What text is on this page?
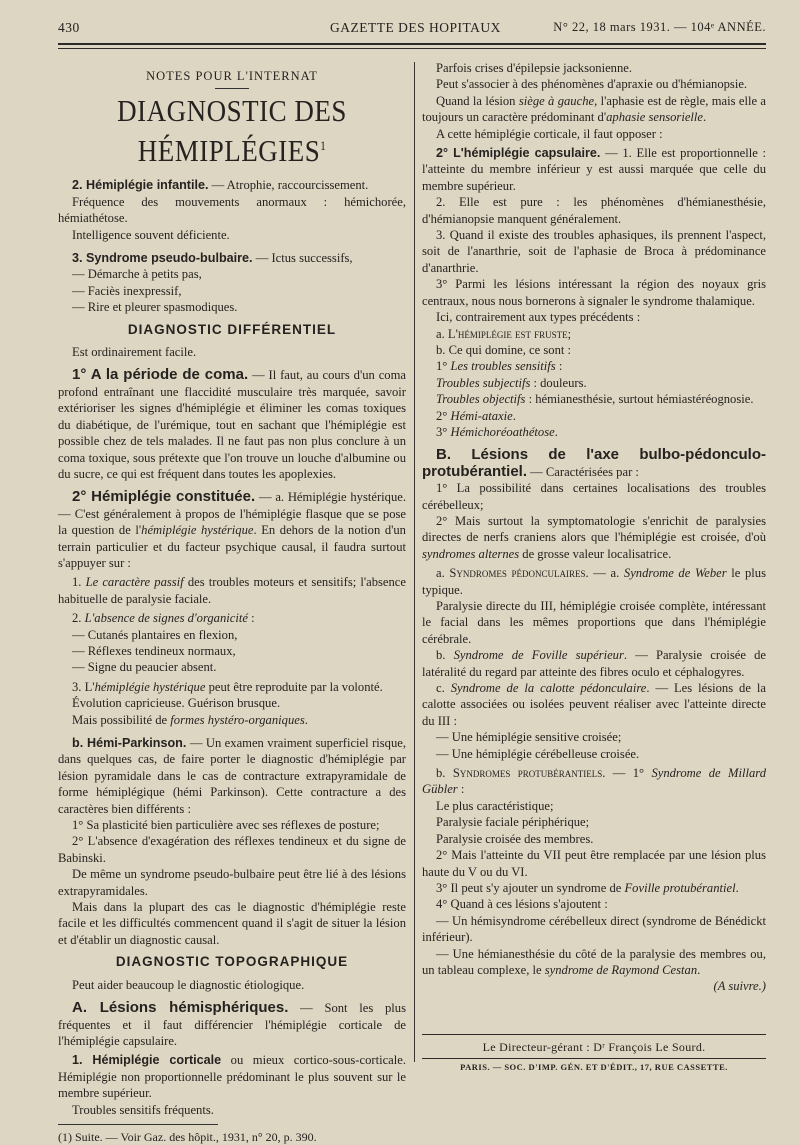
430	GAZETTE DES HOPITAUX	N° 22, 18 mars 1931. — 104ᵉ ANNÉE.

NOTES POUR L'INTERNAT

DIAGNOSTIC DES HÉMIPLÉGIES$^1$

2. Hémiplégie infantile. — Atrophie, raccourcissement.

Fréquence des mouvements anormaux : hémichorée, hémiathétose.

Intelligence souvent déficiente.

3. Syndrome pseudo-bulbaire. — Ictus successifs,

— Démarche à petits pas,

— Faciès inexpressif,

— Rire et pleurer spasmodiques.

DIAGNOSTIC DIFFÉRENTIEL

Est ordinairement facile.

1° A la période de coma. — Il faut, au cours d'un coma profond entraînant une flaccidité musculaire très marquée, savoir extérioriser les signes d'hémiplégie et éliminer les comas toxiques du diabétique, de l'urémique, tout en sachant que l'hémiplégie est possible chez de tels malades. Il ne faut pas non plus conclure à un coma toxique, sous prétexte que l'on trouve un louche d'albumine ou du sucre, ce qui est fréquent dans toutes les apoplexies.

2° Hémiplégie constituée. — a. Hémiplégie hystérique. — C'est généralement à propos de l'hémiplégie flasque que se pose la question de l'hémiplégie hystérique. En dehors de la notion d'un terrain particulier et du facteur psychique causal, il faudra surtout s'appuyer sur :

1. Le caractère passif des troubles moteurs et sensitifs; l'absence habituelle de paralysie faciale.

2. L'absence de signes d'organicité :

— Cutanés plantaires en flexion,

— Réflexes tendineux normaux,

— Signe du peaucier absent.

3. L'hémiplégie hystérique peut être reproduite par la volonté.

Évolution capricieuse. Guérison brusque.

Mais possibilité de formes hystéro-organiques.

b. Hémi-Parkinson. — Un examen vraiment superficiel risque, dans quelques cas, de faire porter le diagnostic d'hémiplégie par lésion pyramidale dans le cas de contracture extrapyramidale de forme hémiplégique (hémi Parkinson). Cette contracture a des caractères bien différents :

1° Sa plasticité bien particulière avec ses réflexes de posture;

2° L'absence d'exagération des réflexes tendineux et du signe de Babinski.

De même un syndrome pseudo-bulbaire peut être lié à des lésions extrapyramidales.

Mais dans la plupart des cas le diagnostic d'hémiplégie reste facile et les difficultés commencent quand il s'agit de situer la lésion et d'établir un diagnostic causal.

DIAGNOSTIC TOPOGRAPHIQUE

Peut aider beaucoup le diagnostic étiologique.

A. Lésions hémisphériques. — Sont les plus fréquentes et il faut différencier l'hémiplégie corticale de l'hémiplégie capsulaire.

1. Hémiplégie corticale ou mieux cortico-sous-corticale. Hémiplégie non proportionnelle prédominant le plus souvent sur le membre supérieur.

Troubles sensitifs fréquents.

(1) Suite. — Voir Gaz. des hôpit., 1931, n° 20, p. 390.

Parfois crises d'épilepsie jacksonienne.

Peut s'associer à des phénomènes d'apraxie ou d'hémianopsie.

Quand la lésion siège à gauche, l'aphasie est de règle, mais elle a toujours un caractère prédominant d'aphasie sensorielle.

A cette hémiplégie corticale, il faut opposer :

2° L'hémiplégie capsulaire. — 1. Elle est proportionnelle : l'atteinte du membre inférieur y est aussi marquée que celle du membre supérieur.

2. Elle est pure : les phénomènes d'hémianesthésie, d'hémianopsie manquent généralement.

3. Quand il existe des troubles aphasiques, ils prennent l'aspect, soit de l'anarthrie, soit de l'aphasie de Broca à prédominance d'anarthrie.

3° Parmi les lésions intéressant la région des noyaux gris centraux, nous nous bornerons à signaler le syndrome thalamique.

Ici, contrairement aux types précédents :

a. L'hémiplégie est fruste;

b. Ce qui domine, ce sont :

1° Les troubles sensitifs :

Troubles subjectifs : douleurs.

Troubles objectifs : hémianesthésie, surtout hémiastéréognosie.

2° Hémi-ataxie.

3° Hémichoréoathétose.

B. Lésions de l'axe bulbo-pédonculo-protubérantiel. — Caractérisées par :

1° La possibilité dans certaines localisations des troubles cérébelleux;

2° Mais surtout la symptomatologie s'enrichit de paralysies directes de nerfs craniens alors que l'hémiplégie est croisée, d'où syndromes alternes de grosse valeur localisatrice.

a. Syndromes pédonculaires. — a. Syndrome de Weber le plus typique.

Paralysie directe du III, hémiplégie croisée complète, intéressant le facial dans les mêmes proportions que dans l'hémiplégie cérébrale.

b. Syndrome de Foville supérieur. — Paralysie croisée de latéralité du regard par atteinte des fibres oculo et céphalogyres.

c. Syndrome de la calotte pédonculaire. — Les lésions de la calotte associées ou isolées peuvent réaliser avec l'atteinte directe du III :

— Une hémiplégie sensitive croisée;

— Une hémiplégie cérébelleuse croisée.

b. Syndromes protubérantiels. — 1° Syndrome de Millard Gübler :

Le plus caractéristique;

Paralysie faciale périphérique;

Paralysie croisée des membres.

2° Mais l'atteinte du VII peut être remplacée par une lésion plus haute du V ou du VI.

3° Il peut s'y ajouter un syndrome de Foville protubérantiel.

4° Quand à ces lésions s'ajoutent :

— Un hémisyndrome cérébelleux direct (syndrome de Bénédickt inférieur).

— Une hémianesthésie du côté de la paralysie des membres ou, un tableau complexe, le syndrome de Raymond Cestan.

(A suivre.)

Le Directeur-gérant : Dʳ François Le Sourd.
PARIS. — SOC. D'IMP. GÉN. ET D'ÉDIT., 17, RUE CASSETTE.
